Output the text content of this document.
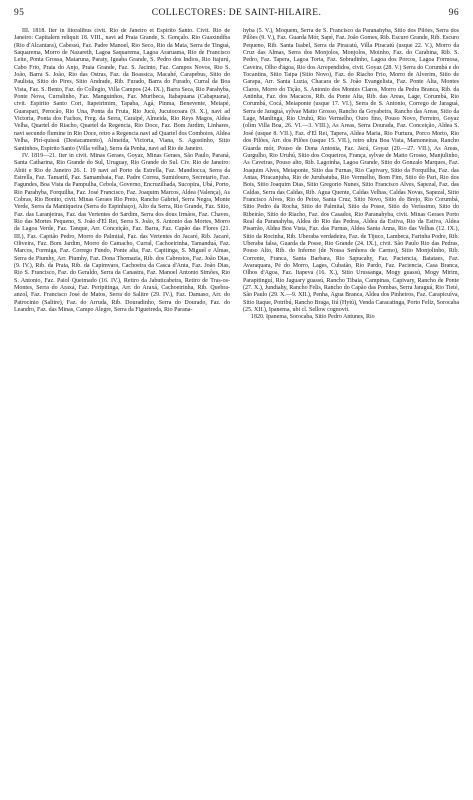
95	COLLECTORES: DE SAINT-HILAIRE.	96

III. 1818. Iter in litoralibus civit. Rio de Janeiro et Espirito Santo. Civit. Rio de Janeiro: Capitalem reliquit 18. VIII., navi ad Praia Grande, S. Gonçalo. Rio Guaxindiba (Rio d'Alcantara), Cabessú, Faz. Padre Manoel, Rio Seco, Rio da Mata, Serra de Tinguá, Saquarema, Morro de Nazareth, Lagoa Saquarema, Lagoa Araruama, Rio de Francisco Leite, Ponta Grossa, Mataruna, Paraty, Iguaba Grande, S. Pedro dos Indios, Rio Itajurú, Cabo Frio, Praia do Anjo, Praia Grande, Faz. S. Jacinto, Faz. Campos Novos, Rio S. João, Barra S. João, Rio das Ostras, Faz. da Boassica, Macahé, Carapebus, Sitio do Paulista, Sitio do Pires, Sitio Andrade, Rib. Furado, Barra do Furado, Curral da Boa Vista, Faz. S. Bento, Faz. do Collegio, Villa Campos (24. IX.), Barra Seca, Rio Parahyba, Ponte Nova, Curralinho, Faz. Manguinhos, Faz. Muribeca, Itabapuana (Cabapuana), civit. Espirito Santo Cori, Itapeirimim, Tapaba, Agá, Pinma, Benevente, Meiapé, Guarapari, Perocão, Rio Una, Ponta da Fruta, Rio Jucú, Jucutocoara (9. X.), navi ad Victoria, Ponta dos Fachos, Freg. da Serra, Caraipé, Almeida, Rio Reys Magos, Aldea Velha, Quartel do Riacho, Quartel da Regencia, Rio Doce, Faz. Bom Jardim, Linhares, navi secundo flumine in Rio Doce, retro a Regencia navi ad Quartel dos Comboios, Aldea Velha, Pirí-quissú (Destacamento), Almeida, Victoria, Viana, S. Agostinho, Sitio Santinhos, Espirito Santo (Villa velha), Serra da Penha, navi ad Rio de Janeiro.

IV. 1819—21. Iter in civit. Minas Geraes, Goyaz, Minas Geraes, São Paulo, Paraná, Santa Catharina, Rio Grande do Sul, Uruguay, Rio Grande do Sul. Civ. Rio de Janeiro: Abiit e Rio de Janeiro 26. I. 19 navi ad Porto da Estrella, Faz. Mandiocca, Serra da Estrella, Faz. Tamaritî, Faz. Samambaia, Faz. Padre Correa, Sumidouro, Secretario, Faz. Fagundes, Boa Vista da Pampulha, Cebola, Governo, Encruzilhada, Sucopira, Ubá, Porto, Rio Parahyba, Forquilha, Faz. José Francisco, Faz. Joaquim Marcos, Aldea (Valença), As Cobras, Rio Bonito, civit. Minas Geraes Rio Preto, Rancho Gabriel, Serra Negra, Monte Verde, Serra da Mantiqueira (Serra do Espinhaço), Alto da Serra, Rio Grande, Faz. Sitio, Faz. das Laranjeiras, Faz. das Vertentes do Sardim, Serra dos dous Irmãos, Faz. Chaves, Rio das Mortes Pequeno, S. João d'El Rei, Serra S. João, S. Antonio das Mortes, Morro da Lagoa Verde, Faz. Tanque, Arr. Conceição, Faz. Barra, Faz. Capão das Flores (21. III.), Faz. Capitão Pedro, Morro do Palmital, Faz. das Vertentes do Jacaré, Rib. Jacaré, Oliveira, Faz. Bom Jardim, Morro do Camacho, Curral, Cachoeirinha, Tamanduá, Faz. Marcos, Formiga, Faz. Corrego Fundo, Ponte alta, Faz. Capitinga, S. Miguel e Almas, Serra de Piumhy, Arr. Piumhy, Faz. Dona Thomazia, Rib. dos Cabrestos, Faz. João Dias, (9. IV.), Rib. da Prata, Rib. da Capimvara, Cachoeira da Casca d'Anta, Faz. João Dias, Rio S. Francisco, Faz. do Geraldo, Serra da Canastra, Faz. Manoel Antonio Simões, Rio S. Antonio, Faz. Paiol Queimado (16. IV.), Retiro da Jabuticabeira, Retiro de Tras-os-Montes, Serra do Araxá, Faz. Peripitinga, Arr. do Araxá, Cachoeirinha, Rib. Quebra-anzol, Faz. Francisco José de Matos, Serra do Salitre (29. IV.), Faz. Damaso, Arr. do Patrocinio (Salitre), Faz. do Arruda, Rib. Douradinho, Serra do Dourado, Faz. do Leandro, Faz. das Minas, Campo Alegre, Serra da Figueireda, Rio Parana-

hyba (5. V.), Moquem, Serra de S. Francisco da Paranahyba, Sitio dos Pilões, Serra dos Pilões (9. V.), Faz. Guarda Mór, Sapé, Faz. João Gomes, Rib. Escuro Grande, Rib. Escuro Pequeno, Rib. Santa Isabel, Serra da Piracatú, Villa Piracatú (usque 22. V.), Morro da Cruz das Almas, Serra dos Monjolos, Monjolos, Moinho, Faz. do Carabina, Rib. S. Pedro, Faz. Tapera, Lagoa Torta, Faz. Sobradinho, Lagoa dos Porcos, Lagoa Formosa, Caveira, Olho d'agoa, Rio dos Arrependidos, civit. Goyaz (28. V.) Serra do Corumbá e do Tocantins, Sitio Taipa (Sitio Novo), Faz. do Riacho Frio, Morro de Alverim, Sitio de Garapa, Arr. Santa Luzia, Chacara de S. João Evangelista, Faz. Ponte Alta, Montes Claros, Morro do Tição, S. Antonio dos Montes Claros, Morro da Pedra Branca, Rib. da Antinha, Faz. dos Macacos, Rib. da Ponte Alta, Rib. das Areas, Lage, Corumbá, Rio Corumbá, Cocá, Meiaponte (usque 17. VI.), Serra de S. Antonio, Corrego de Jaraguá, Serra de Jaraguá, sylvae Matto Grosso, Rancho da Goyabeira, Rancho das Areas, Sitio da Lage, Manlinga, Rio Uruhú, Rio Vermelho, Ouro fino, Pouso Novo, Ferreiro, Goyaz (olim Villa Boa, 26. VI.—3. VIII.), As Areas, Serra Dourada, Faz. Conceição, Aldea S. José (usque 8. VII.), Faz. d'El Rei, Tapera, Aldea Maria, Rio Furtura, Porco Morto, Rio dos Pilões, Arr. dos Pilões (usque 15. VII.), retro ultra Boa Vista, Mamoneiras, Rancho Guarda mór, Pouso de Dona Antonia, Faz. Jacú, Goyaz (20.—27. VII.), As Areas, Gurgulho, Rio Uruhú, Sitio dos Coqueiros, França, sylvae de Matto Grosso, Manjulinho, As Caveiras, Pouso alto, Rib. Lagoinha, Lagoa Grande, Sitio do Gonzalo Marques, Faz. Joaquim Alves, Meiaponte, Sitio das Furnas, Rio Capivary, Sitio da Forquilha, Faz. das Antas, Piracanjuba, Rio de Jurubatuba, Rio Vermelho, Bom Fim, Sitio do Pari, Rio dos Bois, Sitio Joaquim Dias, Sitio Gregorio Nunes, Sitio Francisco Alves, Sapezal, Faz. das Caldas, Serra das Caldas, Rib. Agua Quente, Caldas Velhas, Caldas Novas, Sapezal, Sitio Francisco Alves, Rio do Peixe, Santa Cruz, Sitio Novo, Sitio do Brejo, Rio Corumbá, Sitio Pedro da Rocha, Sitio do Palmital, Sitio da Posse, Sitio do Veríssimo, Sitio do Ribeirão, Sitio do Riacho, Faz. dos Casados, Rio Paranahyba, civit. Minas Geraes Porto Real da Paranahyba, Aldea do Rio das Pedras, Aldea da Estiva, Rio da Estiva, Aldea Pisarrão, Aldea Boa Vista, Faz. das Furnas, Aldea Santa Anna, Rio das Velhas (12. IX.), Sitio da Rocinha, Rib. Uberaba verdadeira, Faz. de Tijuco, Lambeca, Farinha Podre, Rib. Uberaba falsa, Guarda da Posse, Rio Grande (24. IX.), civit. São Paulo Rio das Pedras, Pouso Alto, Rib. do Inferno (de Nossa Senhora de Carmo), Sitio Monjolinho, Rib. Corrente, Franca, Santa Barbara, Rio Sapucahy, Faz. Paciencia, Batataes, Faz. Avaraquara, Pé do Morro, Lages, Cubatão, Rio Pardo, Faz. Paciencia, Casa Branca, Olhos d'Agoa, Faz. Itapeva (16. X.), Sitio Urussanga, Mogy guassú, Mogy Mirim, Parapitinguí, Rio Jaguary guassú, Rancho Tibaia, Campinas, Capivary, Rancho de Ponte (27. X.), Jundiahy, Rancho Felis, Rancho do Capão das Pombas, Serra Jaraguá, Rio Tieté, São Paulo (29. X.—9. XII.), Penha, Agua Branca, Aldea dos Pinheiros, Faz. Carapicuíva, Sitio Itaque, Potribú, Rancho Braga, Itú (Hytú), Venda Caracatinga, Porto Feliz, Sorocaba (25. XII.), Ipanema, ubi cl. Sellow cognovit.

1820. Ipanema, Sorocaba, Sitio Pedro Antunes, Rio
